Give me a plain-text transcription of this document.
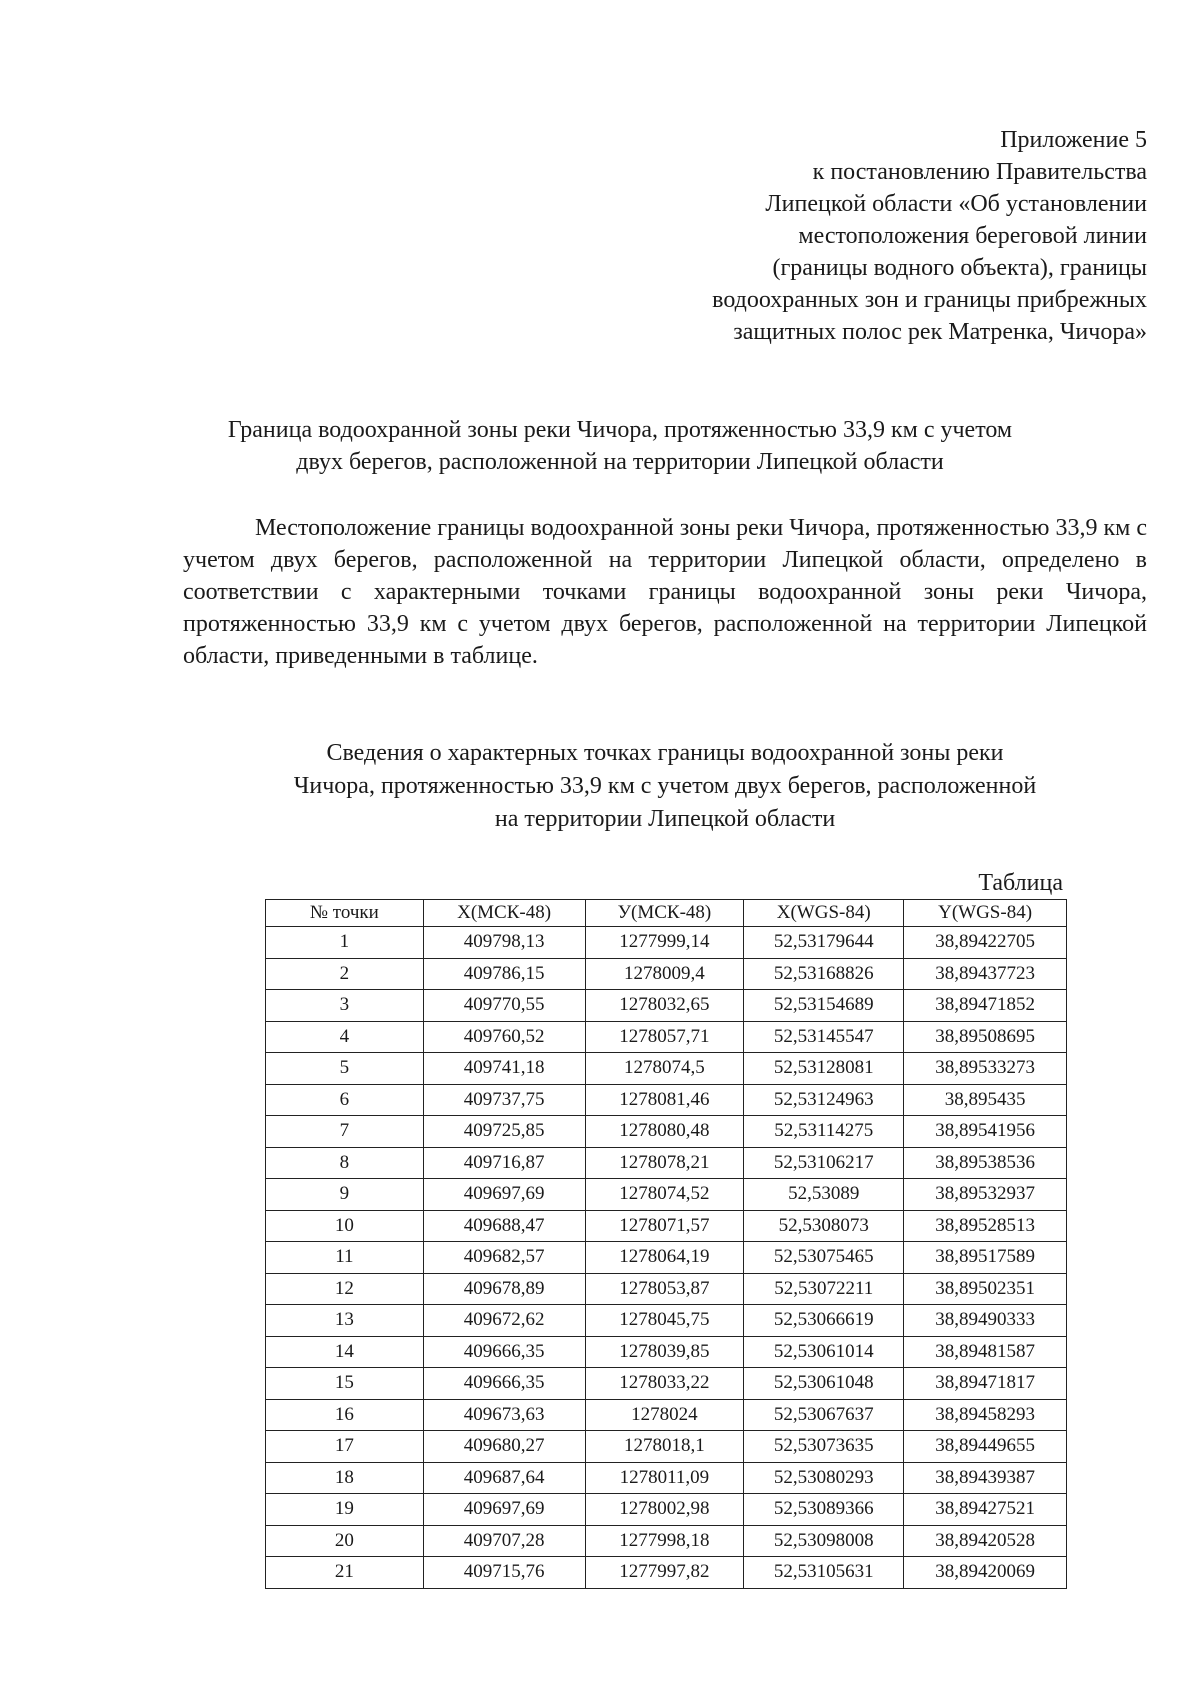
Приложение 5
к постановлению Правительства
Липецкой области «Об установлении
местоположения береговой линии
(границы водного объекта), границы
водоохранных зон и границы прибрежных
защитных полос рек Матренка, Чичора»
Граница водоохранной зоны реки Чичора, протяженностью 33,9 км с учетом
двух берегов, расположенной на территории Липецкой области

Местоположение границы водоохранной зоны реки Чичора, протяженностью 33,9 км с учетом двух берегов, расположенной на территории Липецкой области, определено в соответствии с характерными точками границы водоохранной зоны реки Чичора, протяженностью 33,9 км с учетом двух берегов, расположенной на территории Липецкой области, приведенными в таблице.

Сведения о характерных точках границы водоохранной зоны реки
Чичора, протяженностью 33,9 км с учетом двух берегов, расположенной
на территории Липецкой области
Таблица
№ точки	X(МСК-48)	У(МСК-48)	X(WGS-84)	Y(WGS-84)
1	409798,13	1277999,14	52,53179644	38,89422705
2	409786,15	1278009,4	52,53168826	38,89437723
3	409770,55	1278032,65	52,53154689	38,89471852
4	409760,52	1278057,71	52,53145547	38,89508695
5	409741,18	1278074,5	52,53128081	38,89533273
6	409737,75	1278081,46	52,53124963	38,895435
7	409725,85	1278080,48	52,53114275	38,89541956
8	409716,87	1278078,21	52,53106217	38,89538536
9	409697,69	1278074,52	52,53089	38,89532937
10	409688,47	1278071,57	52,5308073	38,89528513
11	409682,57	1278064,19	52,53075465	38,89517589
12	409678,89	1278053,87	52,53072211	38,89502351
13	409672,62	1278045,75	52,53066619	38,89490333
14	409666,35	1278039,85	52,53061014	38,89481587
15	409666,35	1278033,22	52,53061048	38,89471817
16	409673,63	1278024	52,53067637	38,89458293
17	409680,27	1278018,1	52,53073635	38,89449655
18	409687,64	1278011,09	52,53080293	38,89439387
19	409697,69	1278002,98	52,53089366	38,89427521
20	409707,28	1277998,18	52,53098008	38,89420528
21	409715,76	1277997,82	52,53105631	38,89420069
